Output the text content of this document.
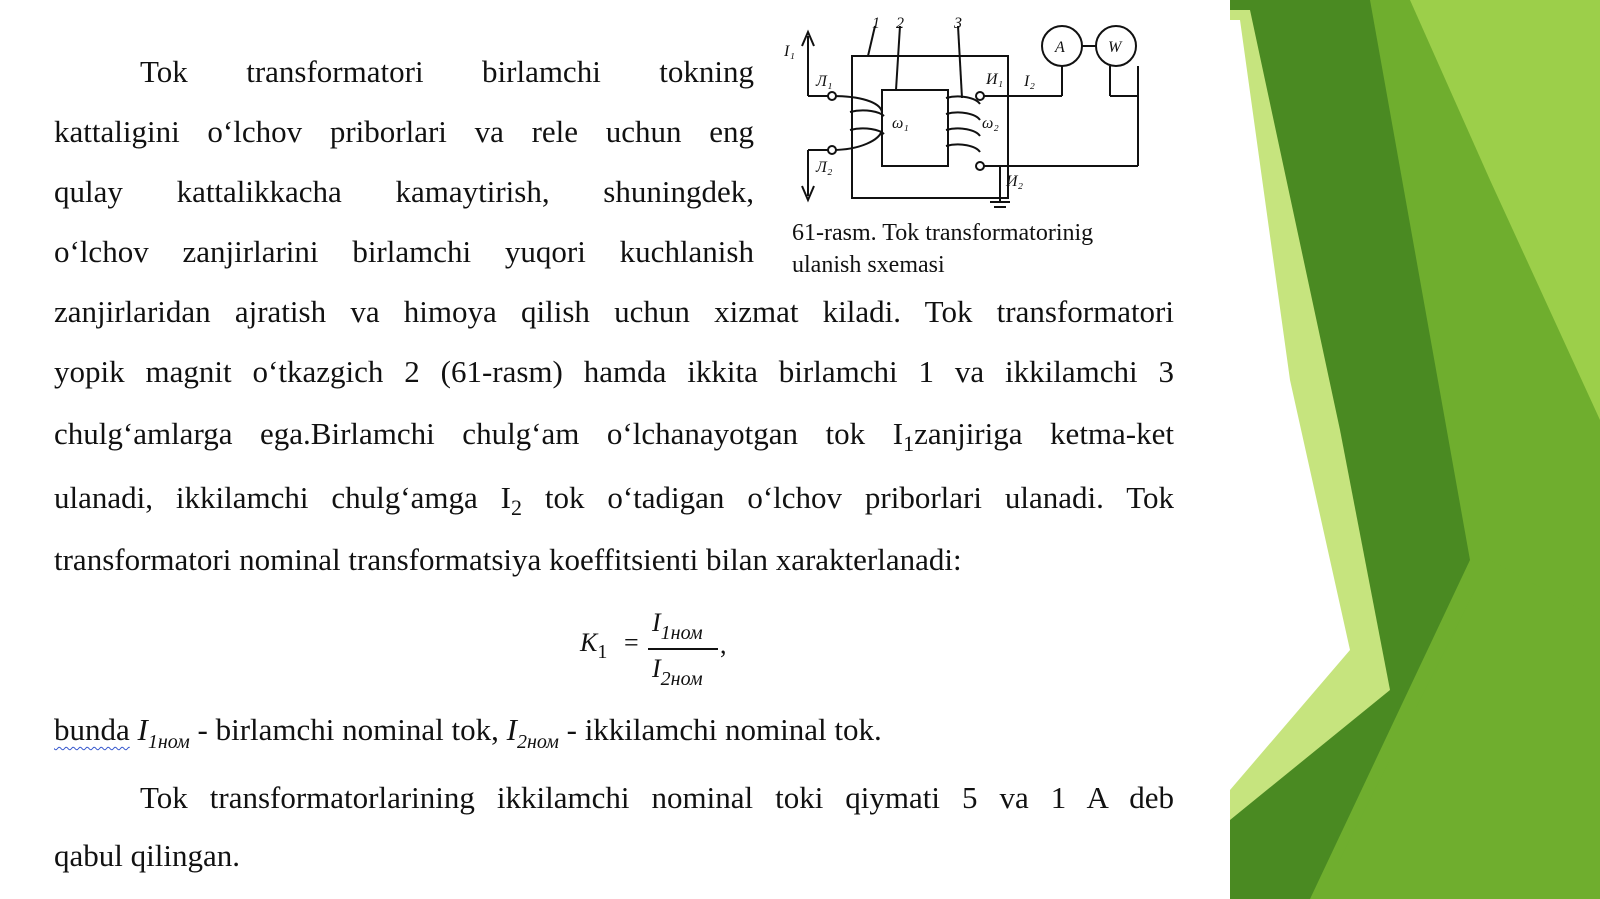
Tok transformatori birlamchi tokning
kattaligini o‘lchov priborlari va rele uchun eng
qulay kattalikkacha kamaytirish, shuningdek,
o‘lchov zanjirlarini birlamchi yuqori kuchlanish
zanjirlaridan ajratish va himoya qilish uchun xizmat kiladi. Tok transformatori
yopik magnit o‘tkazgich 2 (61-rasm) hamda ikkita birlamchi 1 va ikkilamchi 3
chulg‘amlarga ega.Birlamchi chulg‘am o‘lchanayotgan tok $I_1zanjiriga$ ketma-ket
ulanadi, ikkilamchi chulg‘amga $I_2$ tok o‘tadigan o‘lchov priborlari ulanadi. Tok
transformatori nominal transformatsiya koeffitsienti bilan xarakterlanadi:
$K_1$ =
$I_{1ном}$
$I_{2ном}$
,
bunda $I_{1ном}$ - birlamchi nominal tok, $I_{2ном}$ - ikkilamchi nominal tok.
Tok transformatorlarining ikkilamchi nominal toki qiymati 5 va 1 A deb
qabul qilingan.
A	W
1 2	3
I₁
I₂
Л₁
Л₂
И₁
И₂
ω₁	ω₂
61-rasm. Tok transformatorinig
ulanish sxemasi
